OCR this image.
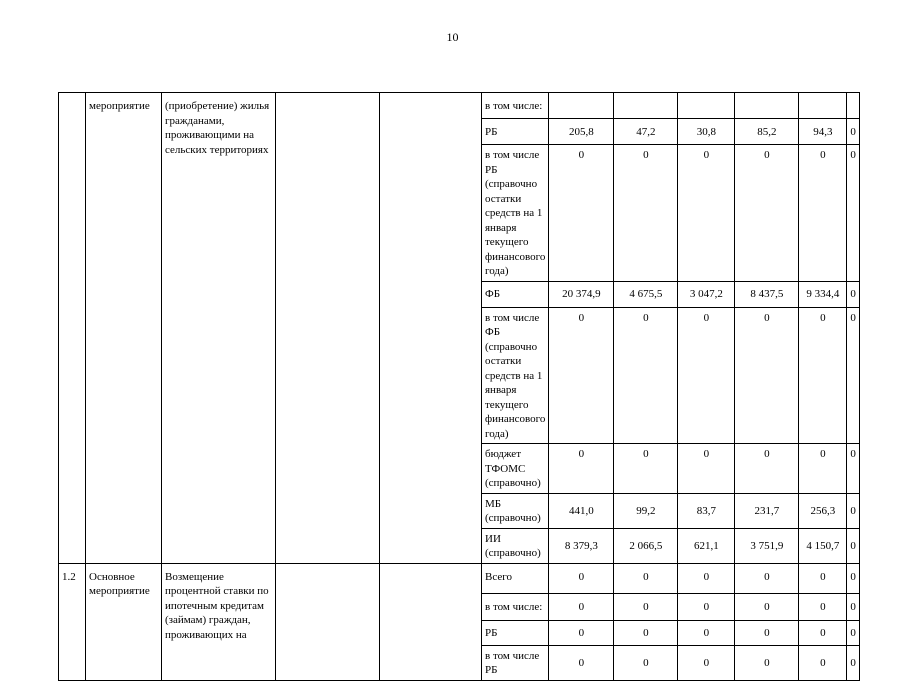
10
	мероприятие	(приобретение) жилья гражданами, проживающими на сельских территориях			в том числе:						
					РБ	205,8	47,2	30,8	85,2	94,3	0
					в том числе РБ (справочно остатки средств на 1 января текущего финансового года)	0	0	0	0	0	0
					ФБ	20 374,9	4 675,5	3 047,2	8 437,5	9 334,4	0
					в том числе ФБ (справочно остатки средств на 1 января текущего финансового года)	0	0	0	0	0	0
					бюджет ТФОМС (справочно)	0	0	0	0	0	0
					МБ (справочно)	441,0	99,2	83,7	231,7	256,3	0
					ИИ (справочно)	8 379,3	2 066,5	621,1	3 751,9	4 150,7	0
1.2	Основное мероприятие	Возмещение процентной ставки по ипотечным кредитам (займам) граждан, проживающих на			Всего	0	0	0	0	0	0
					в том числе:	0	0	0	0	0	0
					РБ	0	0	0	0	0	0
					в том числе РБ	0	0	0	0	0	0
